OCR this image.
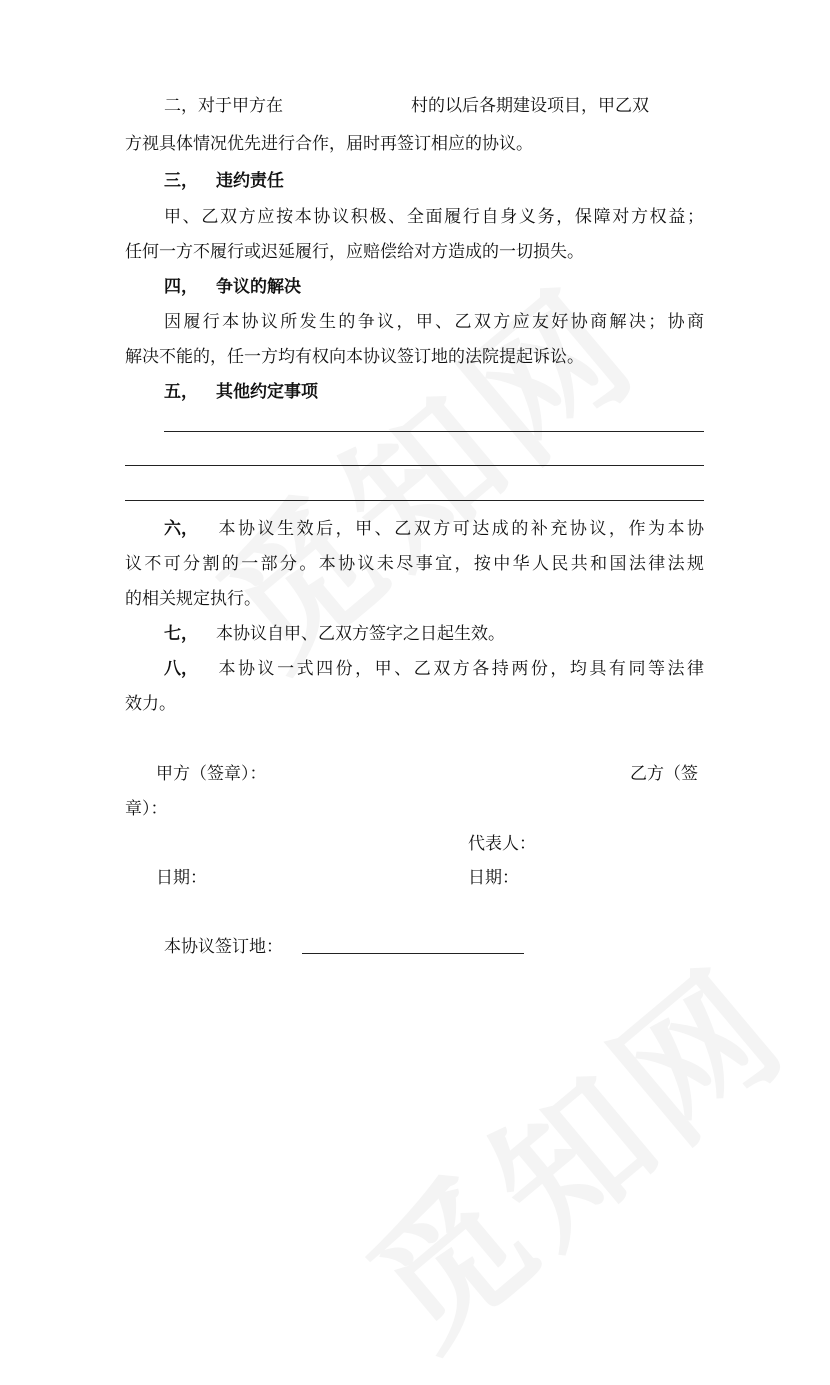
二，对于甲方在	村的以后各期建设项目，甲乙双
方视具体情况优先进行合作，届时再签订相应的协议。
三， 违约责任
甲、乙双方应按本协议积极、全面履行自身义务，保障对方权益；
任何一方不履行或迟延履行，应赔偿给对方造成的一切损失。
四， 争议的解决
因履行本协议所发生的争议，甲、乙双方应友好协商解决；协商
解决不能的，任一方均有权向本协议签订地的法院提起诉讼。
五， 其他约定事项
六， 本协议生效后，甲、乙双方可达成的补充协议，作为本协
议不可分割的一部分。本协议未尽事宜，按中华人民共和国法律法规
的相关规定执行。
七， 本协议自甲、乙双方签字之日起生效。
八， 本协议一式四份，甲、乙双方各持两份，均具有同等法律
效力。
甲方（签章）：	乙方（签
章）：
代表人：
日期：	日期：
本协议签订地：
